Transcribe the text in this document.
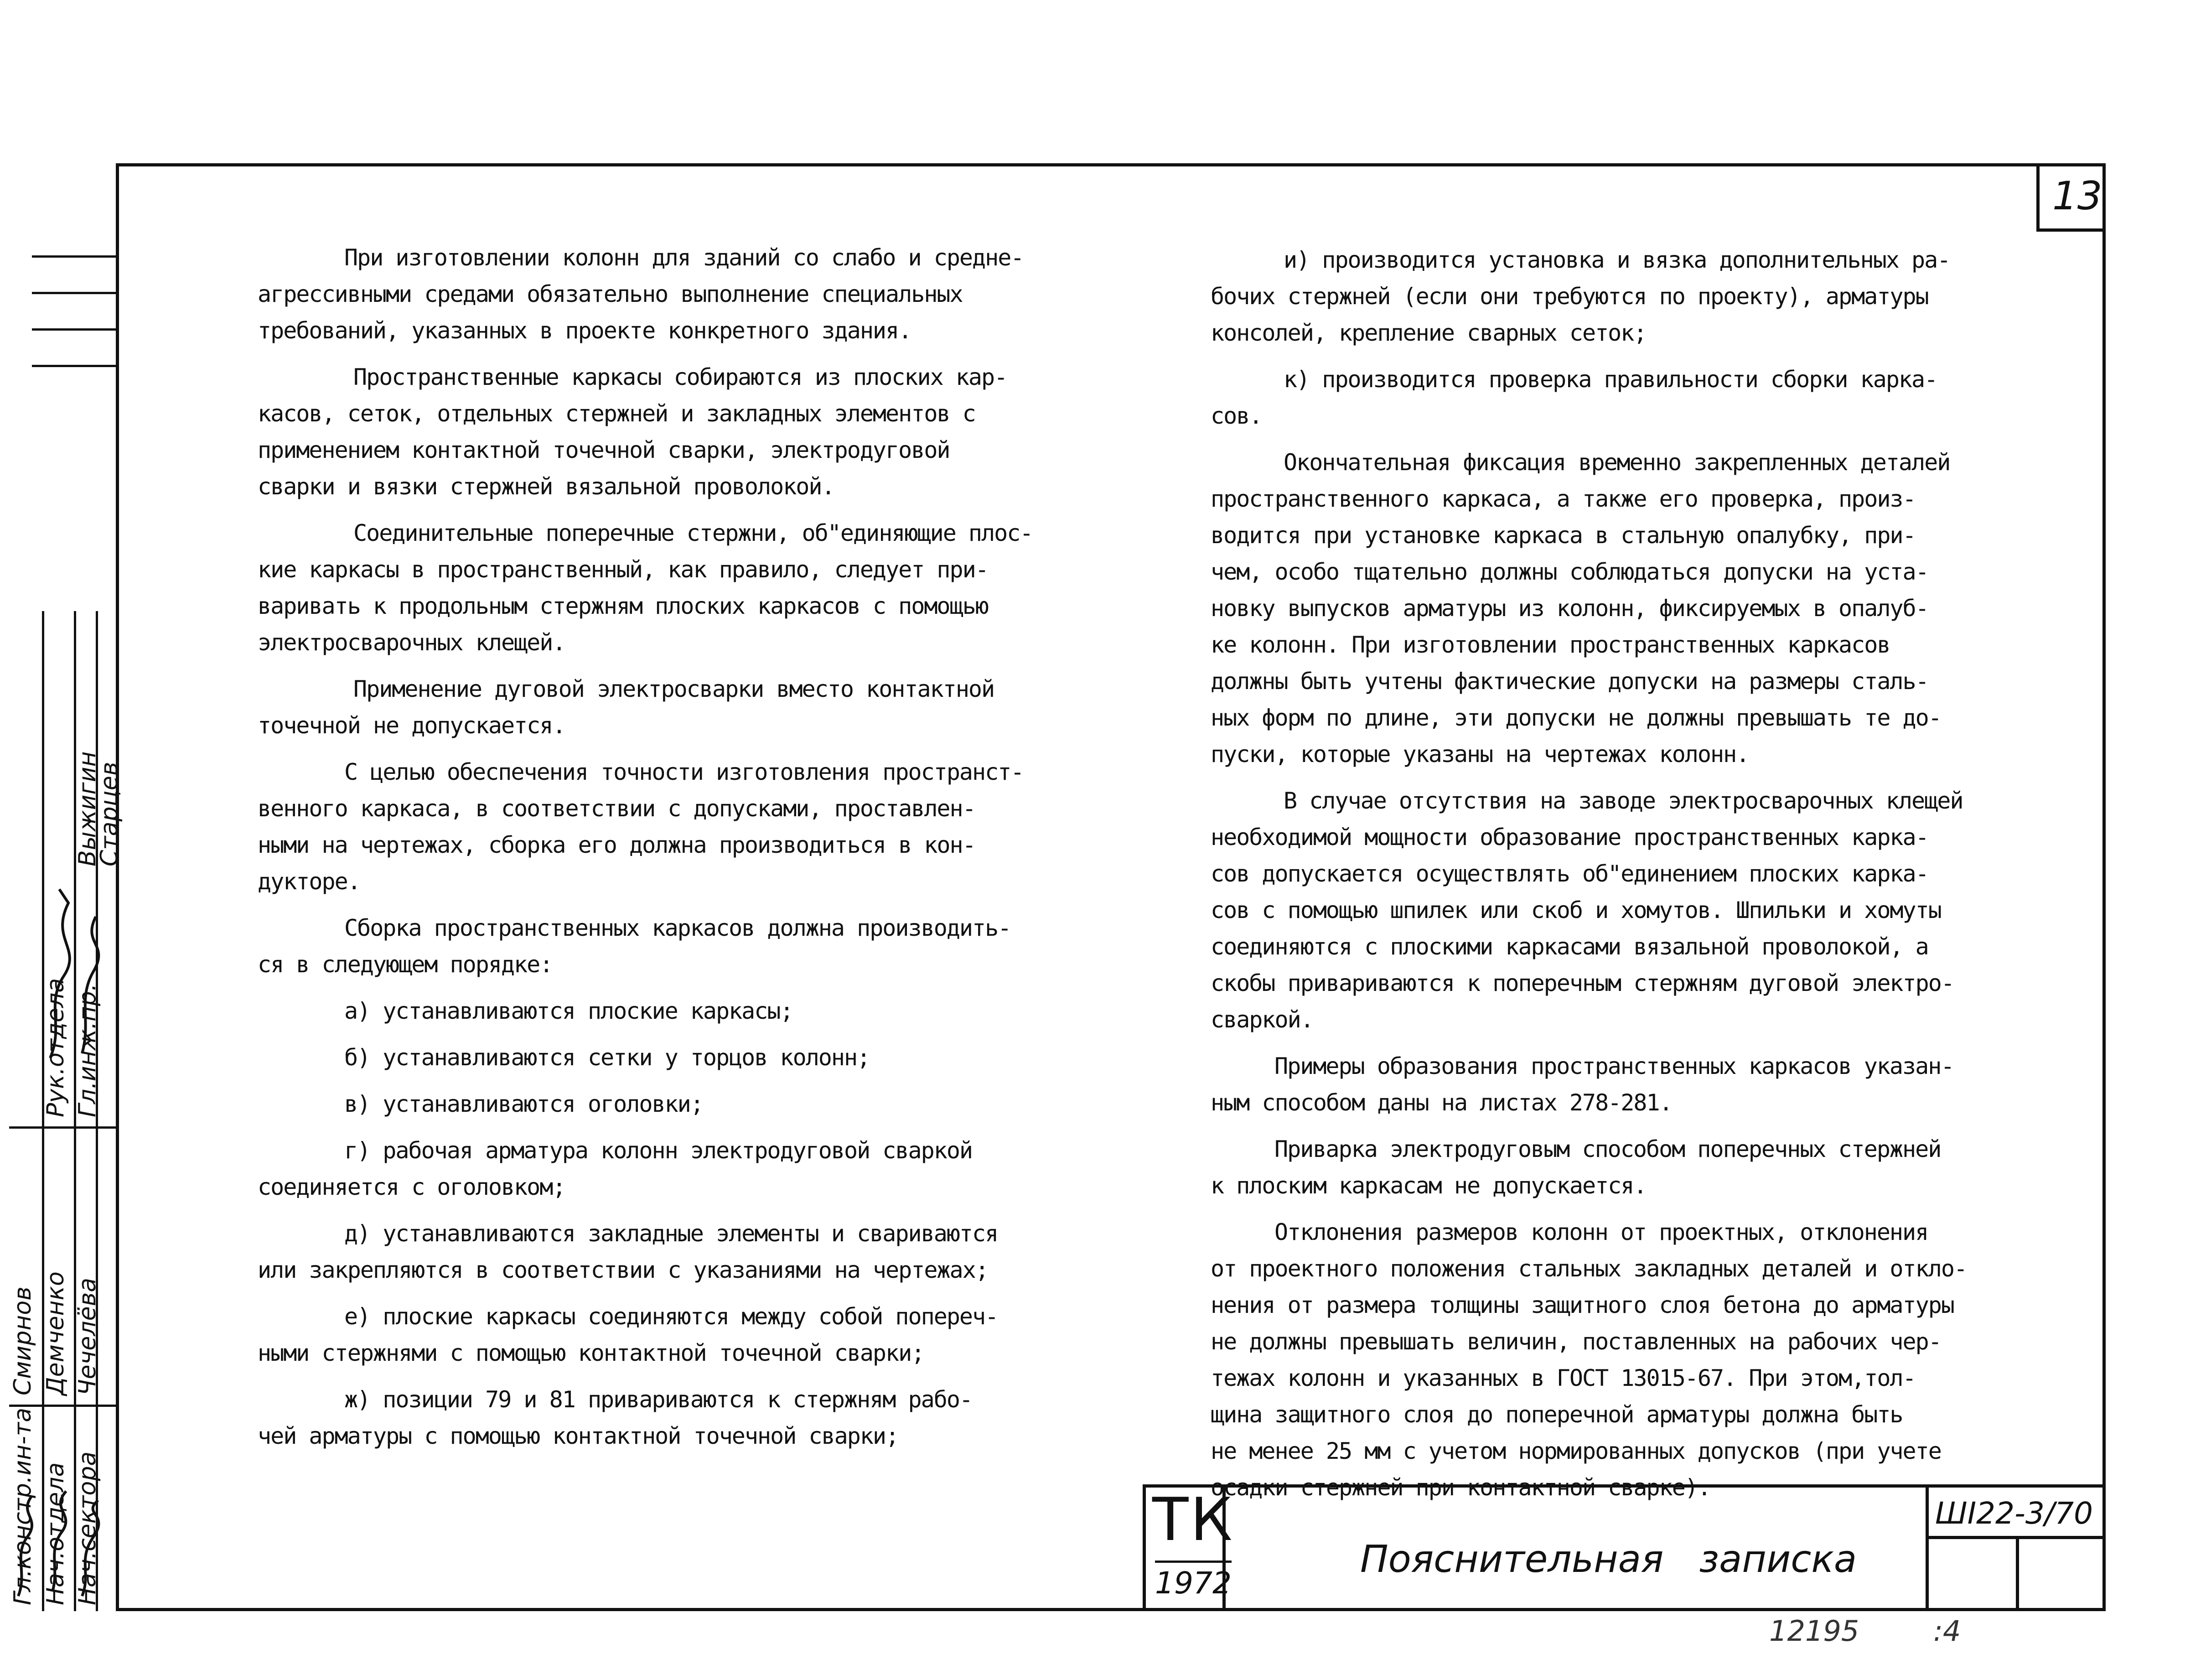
13

При изготовлении колонн для зданий со слабо и средне-

агрессивными средами обязательно выполнение специальных

требований, указанных в проекте конкретного здания.

Пространственные каркасы собираются из плоских кар-

касов, сеток, отдельных стержней и закладных элементов с

применением контактной точечной сварки, электродуговой

сварки и вязки стержней вязальной проволокой.

Соединительные поперечные стержни, об"единяющие плос-

кие каркасы в пространственный, как правило, следует при-

варивать к продольным стержням плоских каркасов с помощью

электросварочных клещей.

Применение дуговой электросварки вместо контактной

точечной не допускается.

С целью обеспечения точности изготовления пространст-

венного каркаса, в соответствии с допусками, проставлен-

ными на чертежах, сборка его должна производиться в кон-

дукторе.

Сборка пространственных каркасов должна производить-

ся в следующем порядке:

а) устанавливаются плоские каркасы;

б) устанавливаются сетки у торцов колонн;

в) устанавливаются оголовки;

г) рабочая арматура колонн электродуговой сваркой

соединяется с оголовком;

д) устанавливаются закладные элементы и свариваются

или закрепляются в соответствии с указаниями на чертежах;

е) плоские каркасы соединяются между собой попереч-

ными стержнями с помощью контактной точечной сварки;

ж) позиции 79 и 81 привариваются к стержням рабо-

чей арматуры с помощью контактной точечной сварки;

и) производится установка и вязка дополнительных ра-

бочих стержней (если они требуются по проекту), арматуры

консолей, крепление сварных сеток;

к) производится проверка правильности сборки карка-

сов.

Окончательная фиксация временно закрепленных деталей

пространственного каркаса, а также его проверка, произ-

водится при установке каркаса в стальную опалубку, при-

чем, особо тщательно должны соблюдаться допуски на уста-

новку выпусков арматуры из колонн, фиксируемых в опалуб-

ке колонн. При изготовлении пространственных каркасов

должны быть учтены фактические допуски на размеры сталь-

ных форм по длине, эти допуски не должны превышать те до-

пуски, которые указаны на чертежах колонн.

В случае отсутствия на заводе электросварочных клещей

необходимой мощности образование пространственных карка-

сов допускается осуществлять об"единением плоских карка-

сов с помощью шпилек или скоб и хомутов. Шпильки и хомуты

соединяются с плоскими каркасами вязальной проволокой, а

скобы привариваются к поперечным стержням дуговой электро-

сваркой.

Примеры образования пространственных каркасов указан-

ным способом даны на листах 278-281.

Приварка электродуговым способом поперечных стержней

к плоским каркасам не допускается.

Отклонения размеров колонн от проектных, отклонения

от проектного положения стальных закладных деталей и откло-

нения от размера толщины защитного слоя бетона до арматуры

не должны превышать величин, поставленных на рабочих чер-

тежах колонн и указанных в ГОСТ 13015-67. При этом,тол-

щина защитного слоя до поперечной арматуры должна быть

не менее 25 мм с учетом нормированных допусков (при учете

осадки стержней при контактной сварке).

ТК
1972
Пояснительная   записка
ШI22-3/70
Гл.констр.ин-та Нач.отдела Нач.сектора
Смирнов Демченко Чечелёва
Рук.отдела Гл.инж.пр.
Выжигин
Старцев
12195	:4
